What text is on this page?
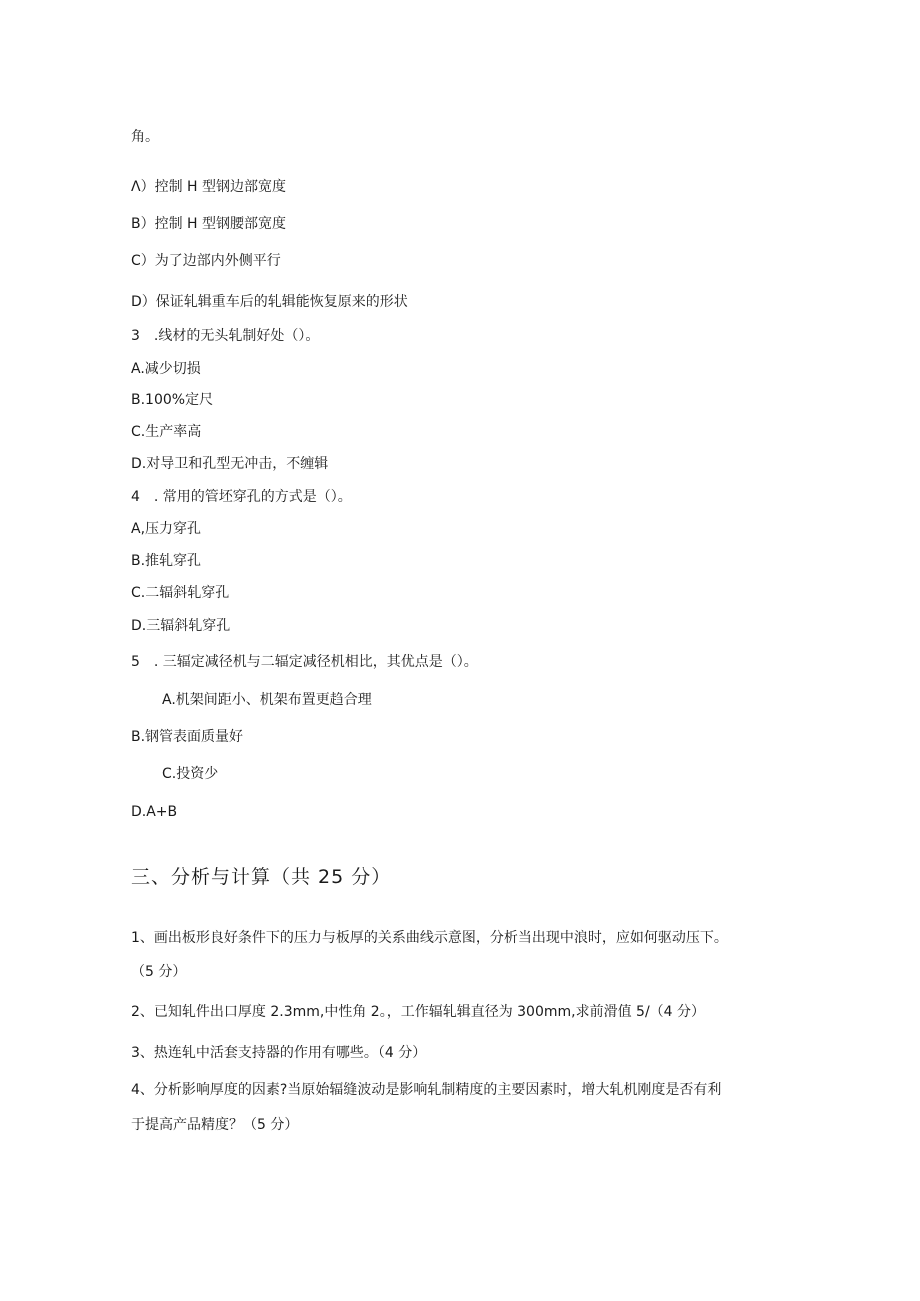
角。
Λ）控制 H 型钢边部宽度
B）控制 H 型钢腰部宽度
C）为了边部内外侧平行
D）保证轧辑重车后的轧辑能恢复原来的形状
3　.线材的无头轧制好处（）。
A.减少切损
B.100%定尺
C.生产率高
D.对导卫和孔型无冲击，不缠辑
4　. 常用的管坯穿孔的方式是（）。
A,压力穿孔
B.推轧穿孔
C.二辐斜轧穿孔
D.三辐斜轧穿孔
5　. 三辐定减径机与二辐定减径机相比，其优点是（）。
A.机架间距小、机架布置更趋合理
B.钢管表面质量好
C.投资少
D.A+B
三、分析与计算（共 25 分）
1、画出板形良好条件下的压力与板厚的关系曲线示意图，分析当出现中浪时，应如何驱动压下。
（5 分）
2、已知轧件出口厚度 2.3mm,中性角 2。，工作辐轧辑直径为 300mm,求前滑值 5/（4 分）
3、热连轧中活套支持器的作用有哪些。（4 分）
4、分析影响厚度的因素?当原始辐缝波动是影响轧制精度的主要因素时，增大轧机刚度是否有利
于提高产品精度？（5 分）
